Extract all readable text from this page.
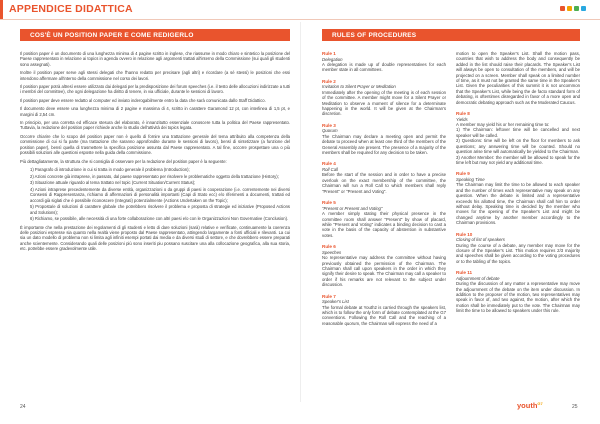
APPENDICE DIDATTICA
COS'È UN POSITION PAPER E COME REDIGERLO

Il position paper è un documento di una lunghezza minima di 4 pagine scritto in inglese, che riassume in modo chiaro e sintetico la posizione del Paese rappresentato in relazione ai topics in agenda ovvero in relazione agli argomenti trattati all'interno della Commissione (sui quali gli studenti sono assegnati).

Inoltre il position paper serve agli stessi delegati che l'hanno redatto per precisare (agli altri) e ricordare (a sé stessi) le posizioni che essi intendono affermare all'interno della commissione nel corso dei lavori.

Il position paper potrà altresì essere utilizzato dai delegati per la predisposizione dei forum speeches (i.e. il testo delle allocuzioni indirizzate a tutti i membri del committee), che ogni delegazione ha diritto di tenere, in via ufficiale, durante le sessioni di lavoro.

Il position paper deve essere redatto al computer ed inviato inderogabilmente entro la data che sarà comunicata dallo Staff Didattico.

Il documento deve essere una lunghezza minima di 2 pagine e massima di 4, scritto in carattere Garamond 12 pt, con interlinea di 1,5 pt, e margini di 2,54 cm.

In principio, per una corretta ed efficace stesura del elaborato, è innanzitutto essenziale conoscere tutta la politica del Paese rappresentato. Tuttavia, la redazione del position paper richiede anche lo studio dell'attività dei topics legata.

Occorre chiarire che lo scopo del position paper non è quello di fornire una trattazione generale del tema attribuito alla competenza della commissione di cui si fa parte (ma trattazione che saranno approfondite durante le sessioni di lavoro), bensì di sintetizzare (a funzione del position paper), bensì quella di trasmettere la specifica posizione assunta dal Paese rappresentato. A tal fine, occorre prospettare una o più possibili soluzioni alle questioni esposte nella guida della commissione.

Più dettagliatamente, la struttura che si consiglia di osservare per la redazione del position paper è la seguente:

1) Paragrafo di introduzione in cui si tratta in modo generale il problema (Introduction);
2) Azioni concrete già intraprese, in passato, dal paese rappresentato per risolvere le problematiche oggetto della trattazione (History);
3) Situazione attuale riguardo al tema trattato nel topic (Current Situation/Current Status);
4) Azioni intraprese precedentemente da diverse entità, organizzazioni o da gruppi di paesi in cooperazione (i.e. correntemente nei diversi Consessi di Rappresentanza, richiamo di affermazioni di personalità importanti (Capi di Stato ecc) e/o riferimenti a documenti, trattati ed accordi già siglati che è possibile riconoscere (Integrati) potenzialmente (Actions Undertaken on the Topic);
5) Proposta/e di soluzioni di carattere globale che potrebbero risolvere il problema e proposta di strategie ed iniziative (Proposed Actions and Solutions);
6) Richiamo, se possibile, alle necessità di una forte collaborazione con altri paesi e/o con le Organizzazioni Non Governative (Conclusion).

È importante che nella prestazione dei regolamenti di gli studenti e letto di dare soluzioni (sarà) relative e verificate, continuamente la coerenza delle posizioni espresse sia quanto nella realtà viene proposto dal Paese rappresentato, attingendo largamente a fonti ufficiali e rilevanti. La cui sia un dato modello di problema non si limita agli infiniti esempi portati dai media e da diversi studi di settore, e che dovrebbero essere preparati anche scientemente. Considerando quali delle posizioni più sono inseriti piu possano suscitare una alla collocazione geografica, alla sua storia, etc. potrebbe essere gradevolmente utile.

RULES OF PROCEDURES
Rule 1

Delegation

A delegation is made up of double representatives for each member state in all committees.

Rule 2

Invitation to Silent Prayer or Meditation

Immediately after the opening of the meeting is of each session of the committee. A member might move for a Silent Prayer or Meditation to observe a moment of silence for a determinate happening in the world. It will be given at the Chairman's discretion.

Rule 3

Quorum

The Chairman may declare a meeting open and permit the debate to proceed when at least one third of the members of the General Assembly are present. The presence of a majority of the members shall be required for any decision to be taken.

Rule 4

Roll Call

Before the start of the session and in order to have a precise overlook on the exact membership of the committee, the Chairman will run a Roll Call to which members shall reply "Present" or "Present and Voting".

Rule 5

"Present or Present and Voting"

A member simply stating their physical presence in the committee room shall answer "Present" by show of placard, while "Present and Voting" indicates a binding decision to cast a vote in the basis of the capacity of abstention in substantive votes.

Rule 6

Speeches

No representative may address the committee without having previously obtained the permission of the Chairman. The Chairman shall call upon speakers in the order in which they signify their desire to speak. The Chairman may call a speaker to order if his remarks are not relevant to the subject under discussion.

Rule 7

Speaker's List

The formal debate at Youth2 is carried through the speakers list, which is to follow the only form of debate contemplated at the G7 conventions. Following the Roll Call and the reaching of a reasonable quorum, the Chairman will express the need of a

motion to open the Speaker's List. Shall the motion pass, countries that wish to address the body and consequently be added in the list should raise their placards. The Speaker's List will always be open to consultation of the members, and will be projected on a screen. Member shall speak on a limited number of time, as it must not be granted the same time in the Speaker's List. Given the peculiarities of this summit it is not uncommon that the Speaker's List, while being the de facto standard form of debating, is oftentimes disregarded in favor of a more open and democratic debating approach such as the Moderated Caucus.

Rule 8

Yields

A member may yield his or her remaining time to:
1) The Chairman: leftover time will be cancelled and next speaker will be called.
2) Questions: time will be left on the floor for members to ask questions; any answering time will be counted. Should no question arise time will automatically be yielded to the Chairman.
3) Another Member: the member will be allowed to speak for the time left but may not yield any additional time.

Rule 9

Speaking Time

The Chairman may limit the time to be allowed to each speaker and the number of times each representative may speak on any question. When the debate is limited and a representative exceeds his allotted time, the Chairman shall call him to order without delay. Speaking time is decided by the member who moves for the opening of the Speaker's List and might be changed anytime by another member accordingly to the Chairman provisions.

Rule 10

Closing of list of speakers

During the course of a debate, any member may move for the closure of the Speaker's List. This motion requires 2/3 majority and speeches shall be given according to the voting procedures or to the tabling of the topics.

Rule 11

Adjournment of debate

During the discussion of any matter a representative may move the adjournment of the debate on the item under discussion. In addition to the proposer of the motion, two representatives may speak in favor of, and two against, the motion, after which the motion shall be immediately put to the vote. The Chairman may limit the time to be allowed to speakers under this rule.

24	youth$^{G7}$
25
